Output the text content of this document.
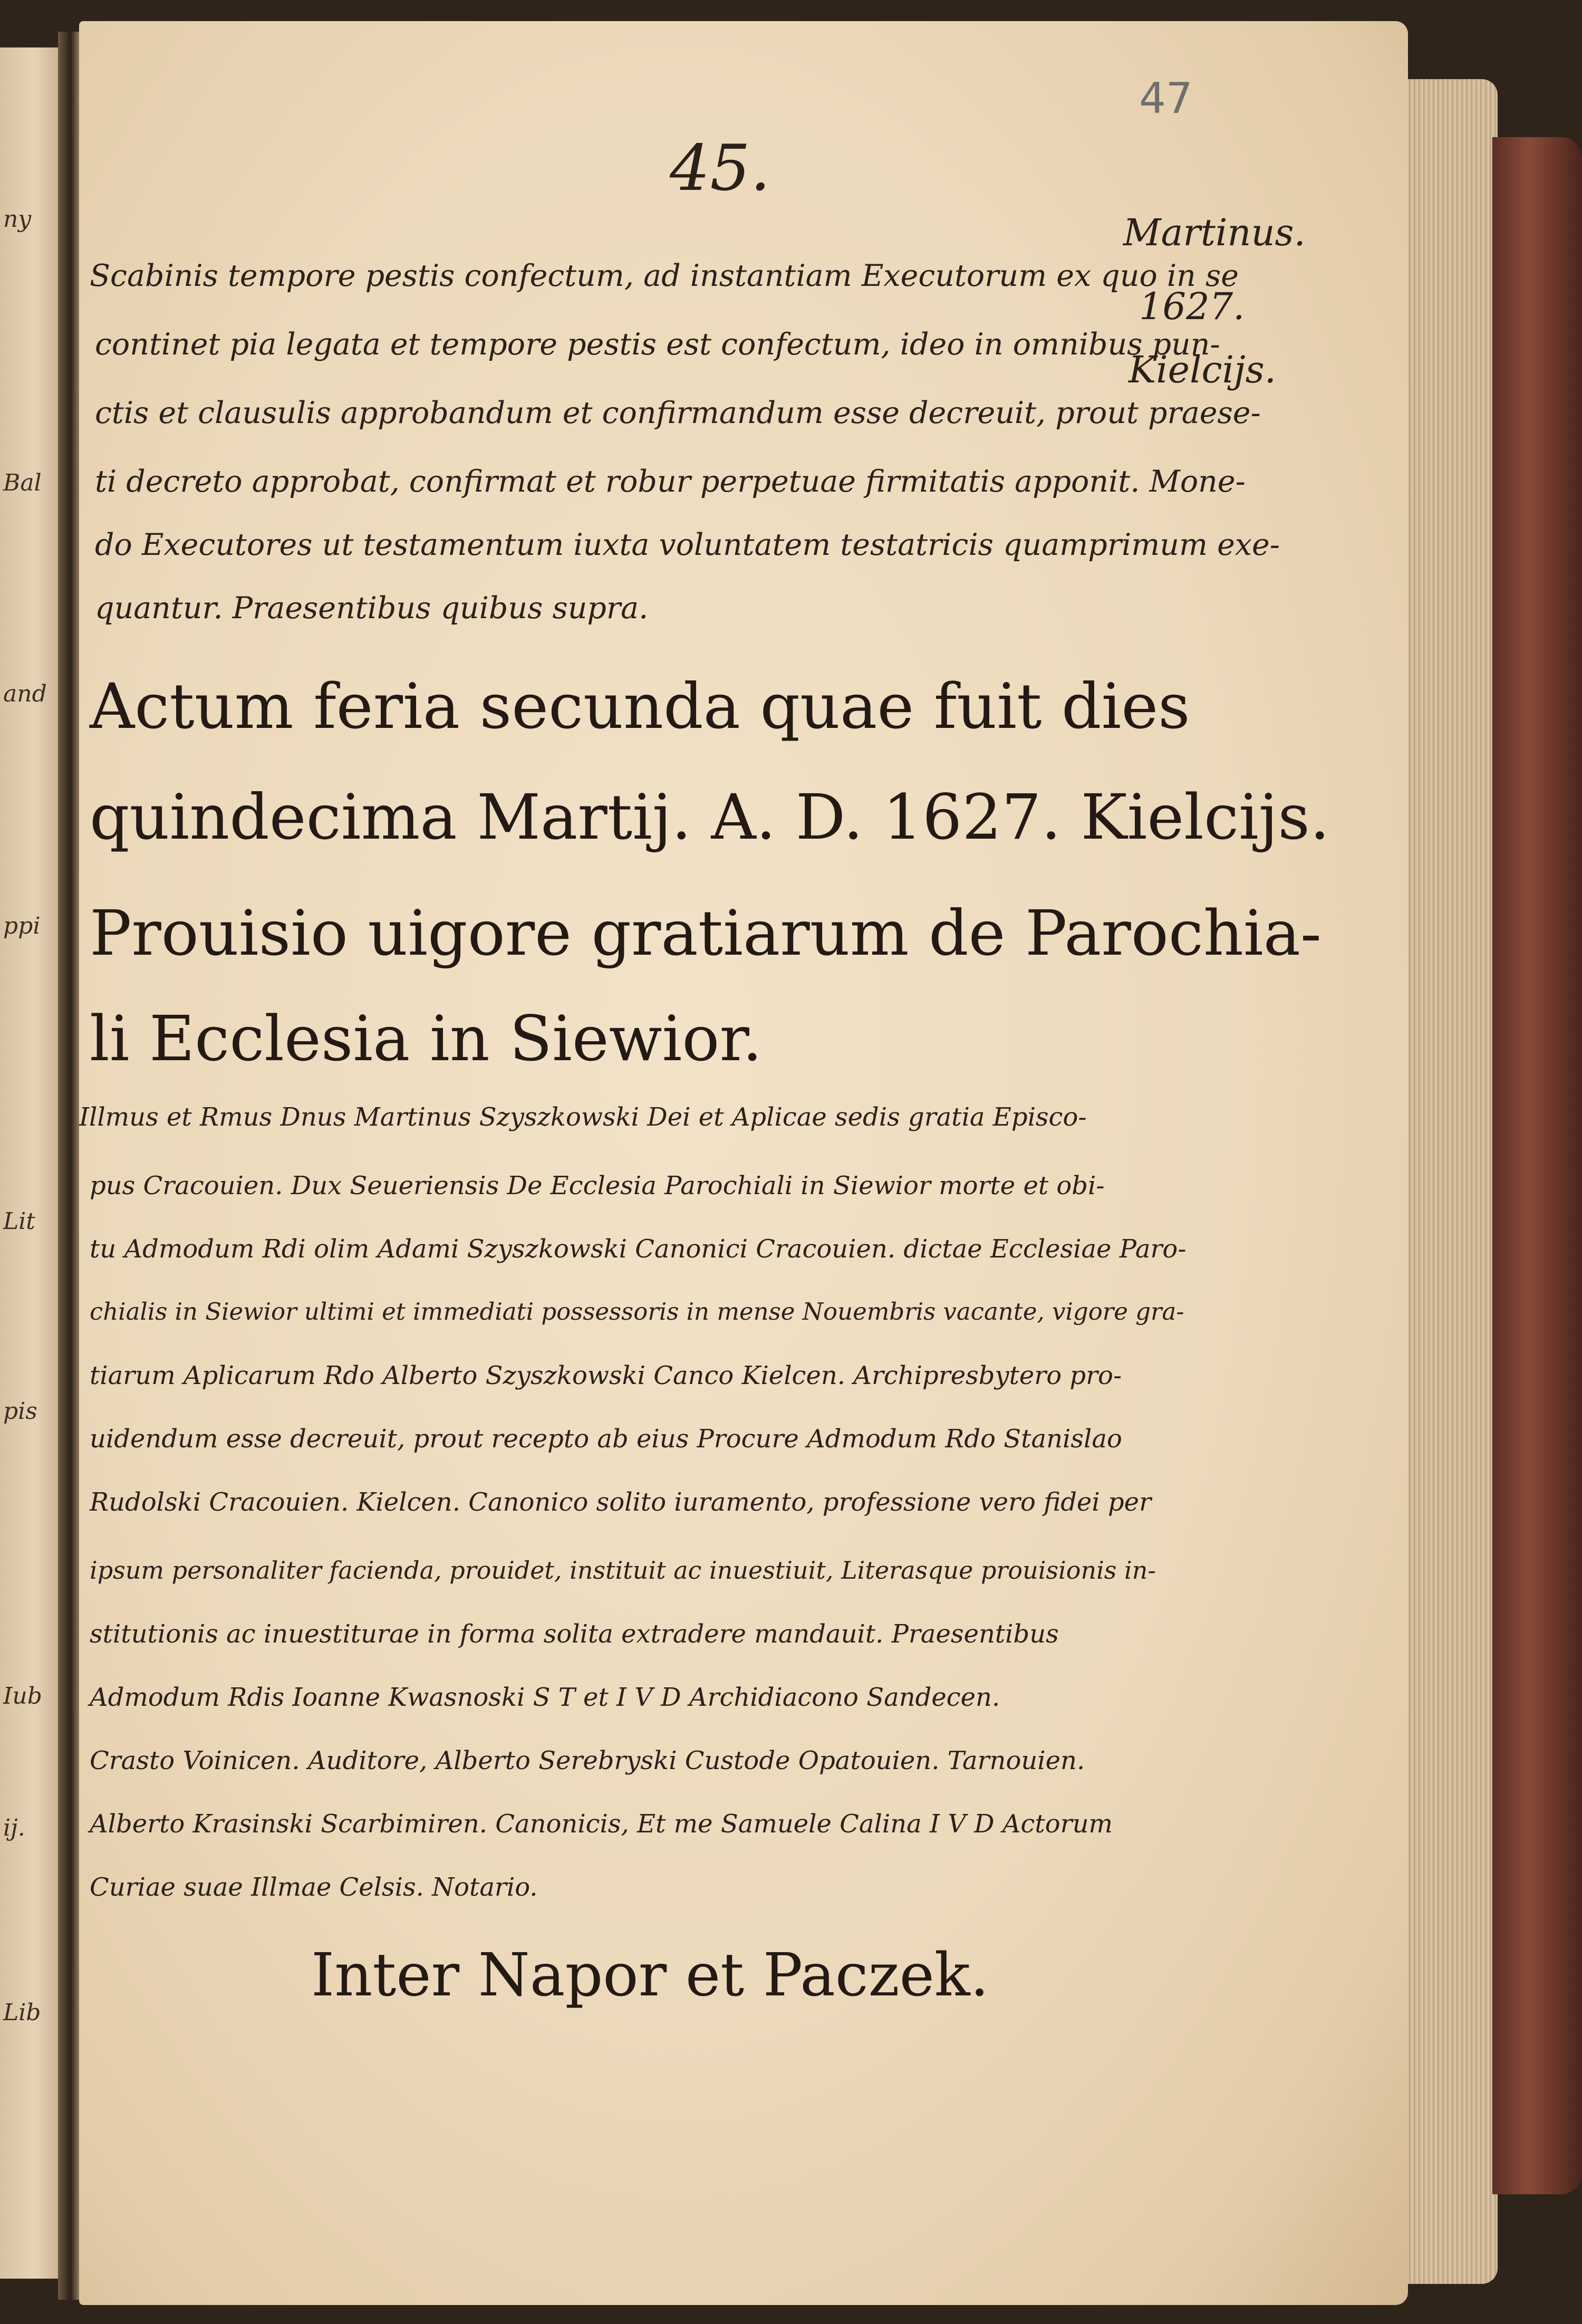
ny
Bal
and
ppi
Lit
pis
Iub
ij.
Lib

47

45.

Martinus.

1627.

Kielcijs.

Scabinis tempore pestis confectum, ad instantiam Executorum ex quo in se

continet pia legata et tempore pestis est confectum, ideo in omnibus pun-

ctis et clausulis approbandum et confirmandum esse decreuit, prout praese-

ti decreto approbat, confirmat et robur perpetuae firmitatis apponit. Mone-

do Executores ut testamentum iuxta voluntatem testatricis quamprimum exe-

quantur. Praesentibus quibus supra.

Actum feria secunda quae fuit dies

quindecima Martij. A. D. 1627. Kielcijs.

Prouisio uigore gratiarum de Parochia-

li Ecclesia in Siewior.

Illmus et Rmus Dnus Martinus Szyszkowski Dei et Aplicae sedis gratia Episco-

pus Cracouien. Dux Seueriensis De Ecclesia Parochiali in Siewior morte et obi-

tu Admodum Rdi olim Adami Szyszkowski Canonici Cracouien. dictae Ecclesiae Paro-

chialis in Siewior ultimi et immediati possessoris in mense Nouembris vacante, vigore gra-

tiarum Aplicarum Rdo Alberto Szyszkowski Canco Kielcen. Archipresbytero pro-

uidendum esse decreuit, prout recepto ab eius Procure Admodum Rdo Stanislao

Rudolski Cracouien. Kielcen. Canonico solito iuramento, professione vero fidei per

ipsum personaliter facienda, prouidet, instituit ac inuestiuit, Literasque prouisionis in-

stitutionis ac inuestiturae in forma solita extradere mandauit. Praesentibus

Admodum Rdis Ioanne Kwasnoski S T et I V D Archidiacono Sandecen.

Crasto Voinicen. Auditore, Alberto Serebryski Custode Opatouien. Tarnouien.

Alberto Krasinski Scarbimiren. Canonicis, Et me Samuele Calina I V D Actorum

Curiae suae Illmae Celsis. Notario.

Inter Napor et Paczek.
